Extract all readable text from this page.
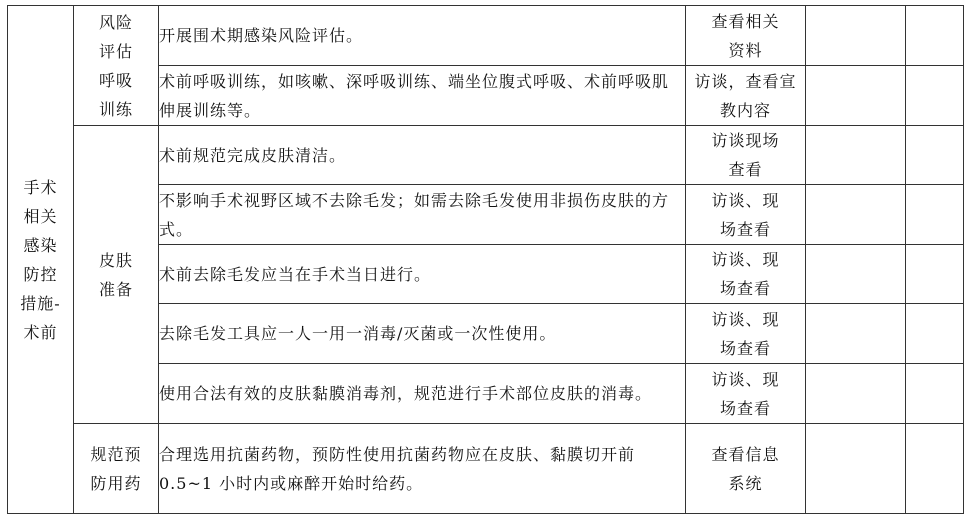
手术相关感染防控措施-术前	风险评估呼吸训练	开展围术期感染风险评估。	查看相关资料		
		术前呼吸训练，如咳嗽、深呼吸训练、端坐位腹式呼吸、术前呼吸肌伸展训练等。	访谈，查看宣教内容		
	皮肤准备	术前规范完成皮肤清洁。	访谈现场查看		
		不影响手术视野区域不去除毛发；如需去除毛发使用非损伤皮肤的方式。	访谈、现场查看		
		术前去除毛发应当在手术当日进行。	访谈、现场查看		
		去除毛发工具应一人一用一消毒/灭菌或一次性使用。	访谈、现场查看		
		使用合法有效的皮肤黏膜消毒剂，规范进行手术部位皮肤的消毒。	访谈、现场查看		
	规范预防用药	合理选用抗菌药物，预防性使用抗菌药物应在皮肤、黏膜切开前 0.5~1 小时内或麻醉开始时给药。	查看信息系统		
